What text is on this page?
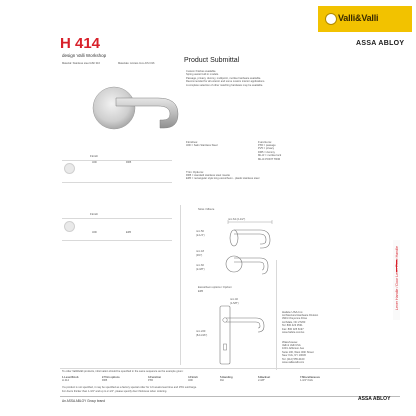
Valli&Valli
ASSA ABLOY
H 414
design Valli Workshop
Material: Stainless steel AISI 316	Materiale: Acciaio Inox AISI 316	Product Submittal
Lever Handle / Door Lever Rose Handle
Custom finishes available.
Spring assist built in models.
Passage, privacy, dummy, multipoint, mortise hardware available.
Recommended for all exterior and some custom interior applications.
A complete selection of other matching hardware may be available.
Finishes:
32D = Satin Stainless Steel
Functions:
PS5 = passage
PV5 = privacy
DM5 = dummy
ML-R = mortise lock
ML-R-POINT TRIM
Trim Options:
RR5 = standard stainless steel rosette
ER5 = rectangular style long escutcheon - plastic stainless steel
Finish
32D	RR5
Finish
32D	ER5
Sizes / Misure
mm 64 (2-1/2")
mm 50
(2-1/4")
mm 18
(3/4")
mm 60
(2-3/8")
Escutcheon options / Opzioni
ER5
mm 40
(1-5/8")
mm 220
(8-11/16")
Hafele USA Inc.
Architectural Hardware Division
3901 Cheyenne Drive
Archdale, NC 27263
Tel: 800 423 3531
Fax: 800 325 6197
www.hafele.com/us
Warehouse:
Valli & Valli USA
1001 Jefferson Ave
Suite 100, West 46th Street
New York, NY 10036
Tel: (212) 555-0100
www.vallievalli.com
To order Valli&Valli products, information should be specified in the same sequence as the example given:
1.Lever/Knob
H 414
2.Trim options
RR5
3.Function
PS5
4.Finish
32D
5.Handing
RH
6.Backset
2-3/8"
7.Miscellaneous
1-3/4" thick
If a product is not specified, it may be specified as a factory special order for 4-6 weeks lead time and 15% surcharge.
For doors thicker than 1-3/4" and up to 2-1/4", please specify door thickness when ordering.
An ASSA ABLOY Group brand	ASSA ABLOY
